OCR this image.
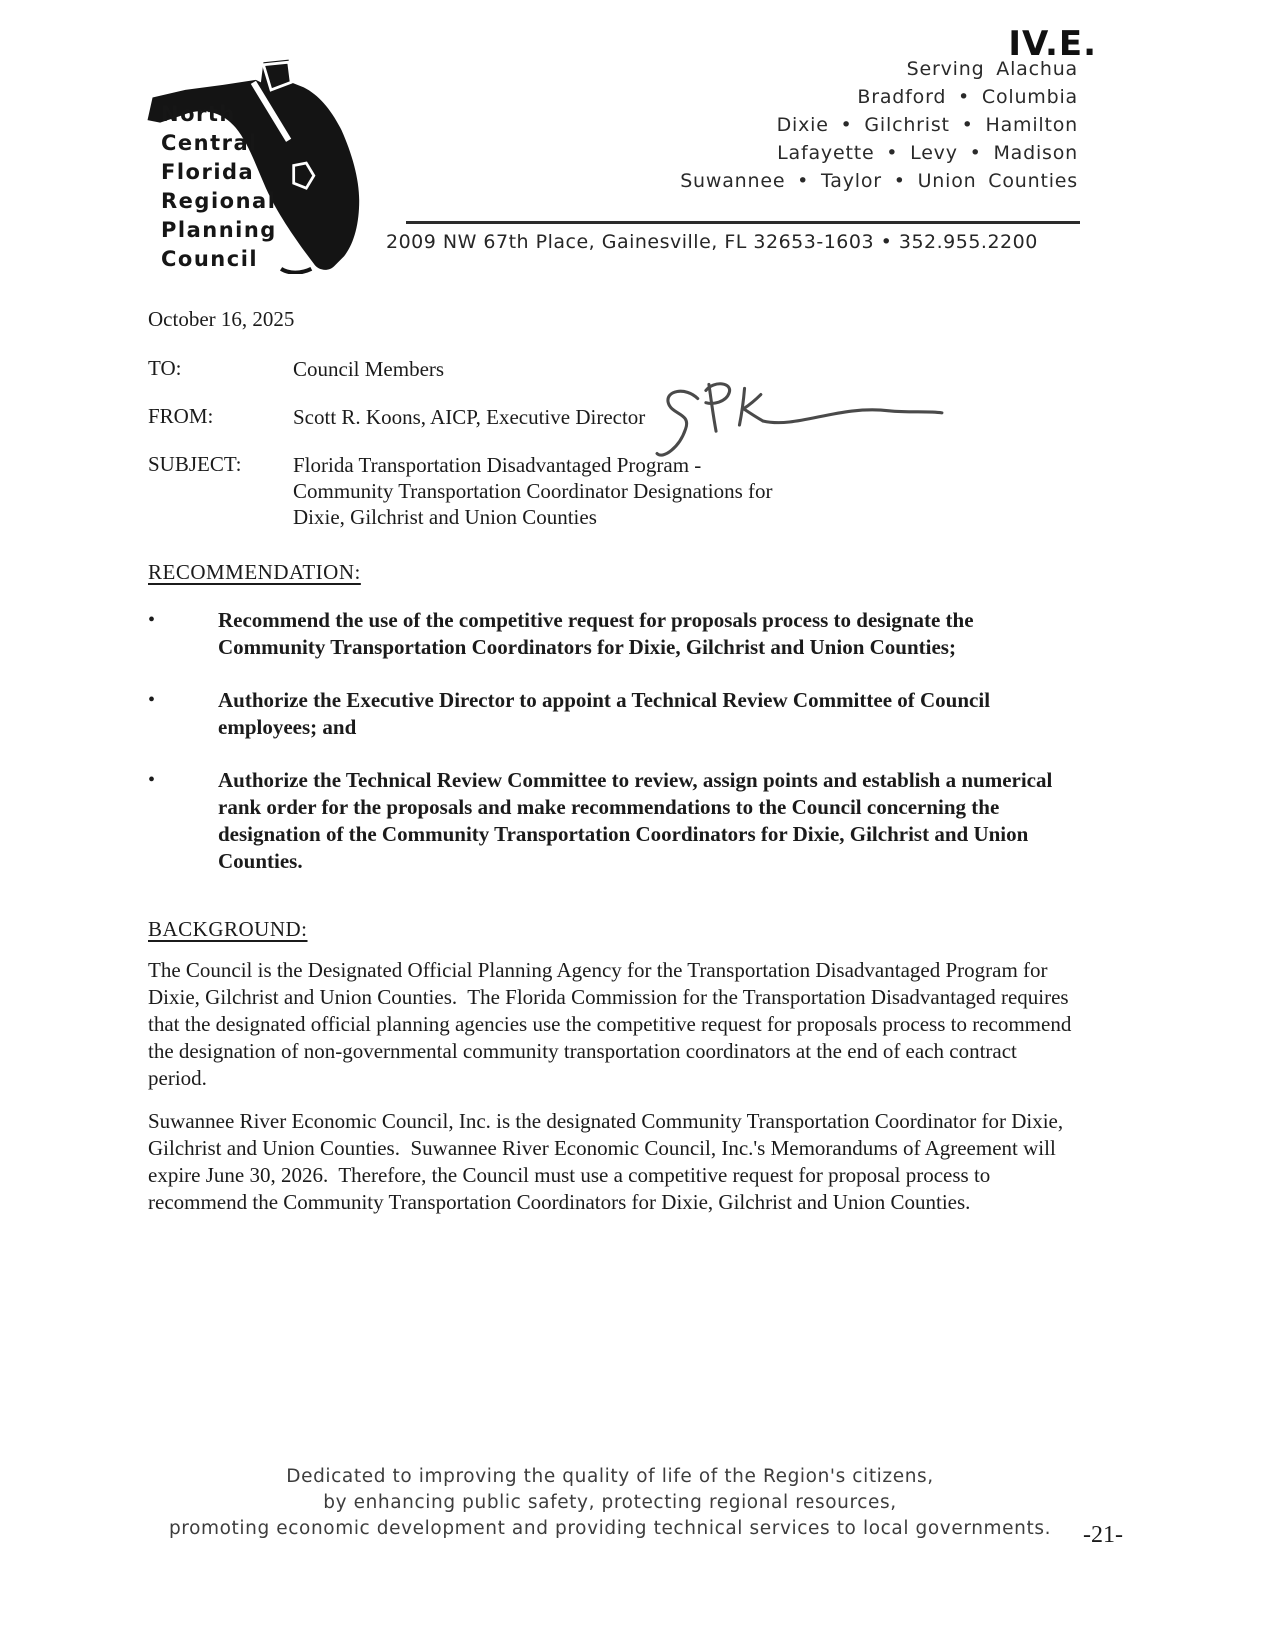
IV.E.
North
Central
Florida
Regional
Planning
Council
Serving Alachua
Bradford • Columbia
Dixie • Gilchrist • Hamilton
Lafayette • Levy • Madison
Suwannee • Taylor • Union Counties
2009 NW 67th Place, Gainesville, FL 32653-1603 • 352.955.2200
October 16, 2025
TO:	Council Members
FROM:	Scott R. Koons, AICP, Executive Director
SUBJECT:	Florida Transportation Disadvantaged Program -
Community Transportation Coordinator Designations for
Dixie, Gilchrist and Union Counties
RECOMMENDATION:
•	Recommend the use of the competitive request for proposals process to designate the Community Transportation Coordinators for Dixie, Gilchrist and Union Counties;
•	Authorize the Executive Director to appoint a Technical Review Committee of Council employees; and
•	Authorize the Technical Review Committee to review, assign points and establish a numerical rank order for the proposals and make recommendations to the Council concerning the designation of the Community Transportation Coordinators for Dixie, Gilchrist and Union Counties.
BACKGROUND:
The Council is the Designated Official Planning Agency for the Transportation Disadvantaged Program for Dixie, Gilchrist and Union Counties.  The Florida Commission for the Transportation Disadvantaged requires that the designated official planning agencies use the competitive request for proposals process to recommend the designation of non-governmental community transportation coordinators at the end of each contract period.
Suwannee River Economic Council, Inc. is the designated Community Transportation Coordinator for Dixie, Gilchrist and Union Counties.  Suwannee River Economic Council, Inc.'s Memorandums of Agreement will expire June 30, 2026.  Therefore, the Council must use a competitive request for proposal process to recommend the Community Transportation Coordinators for Dixie, Gilchrist and Union Counties.
Dedicated to improving the quality of life of the Region's citizens,
by enhancing public safety, protecting regional resources,
promoting economic development and providing technical services to local governments.	-21-
